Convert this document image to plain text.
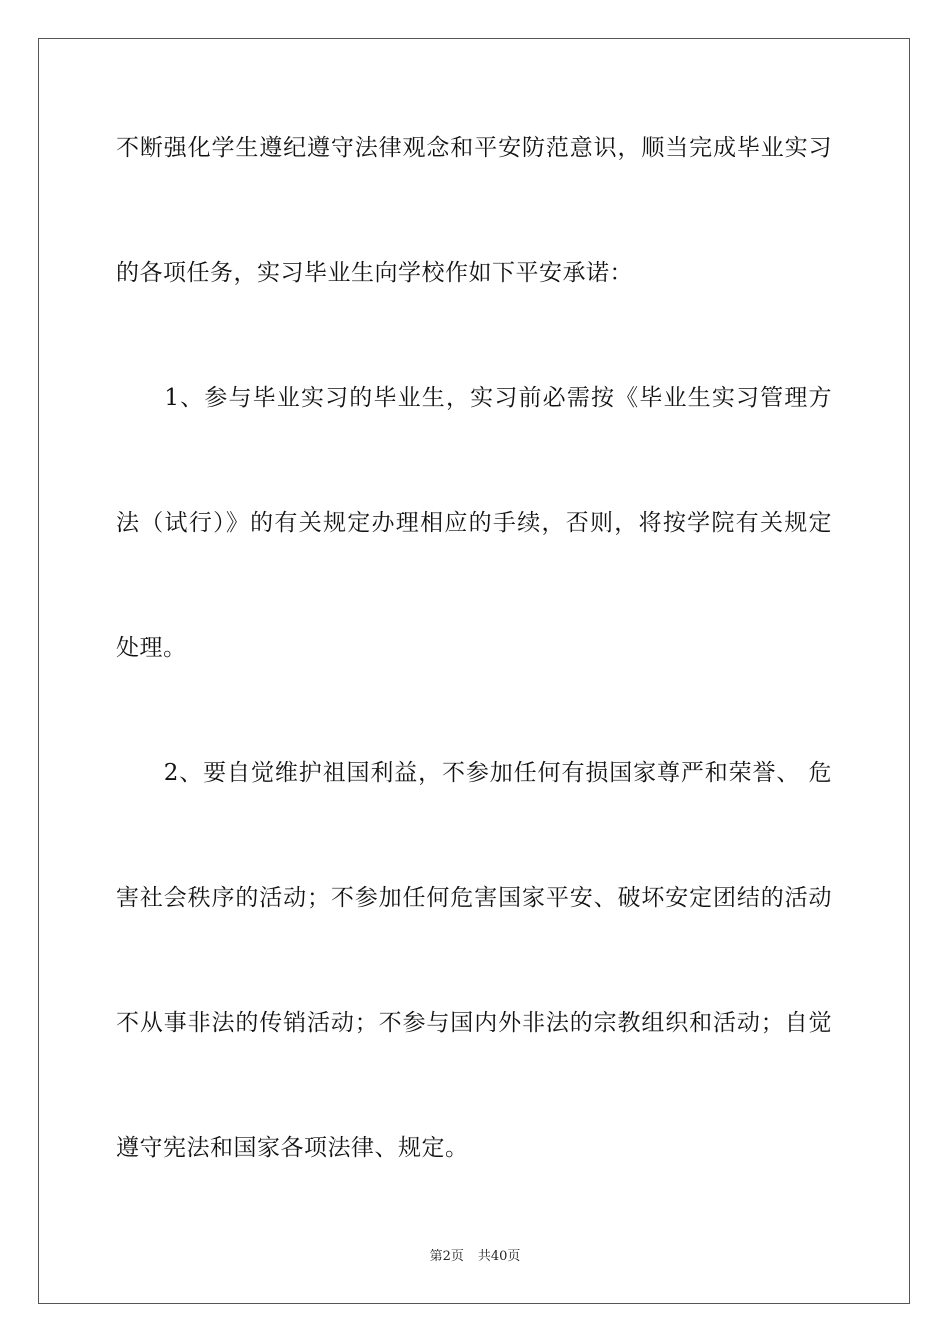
不断强化学生遵纪遵守法律观念和平安防范意识，顺当完成毕业实习
的各项任务，实习毕业生向学校作如下平安承诺：
　　1、参与毕业实习的毕业生，实习前必需按《毕业生实习管理方
法（试行）》的有关规定办理相应的手续，否则，将按学院有关规定
处理。
　　2、要自觉维护祖国利益，不参加任何有损国家尊严和荣誉、 危
害社会秩序的活动；不参加任何危害国家平安、破坏安定团结的活动
不从事非法的传销活动；不参与国内外非法的宗教组织和活动；自觉
遵守宪法和国家各项法律、规定。
第2页 共40页
